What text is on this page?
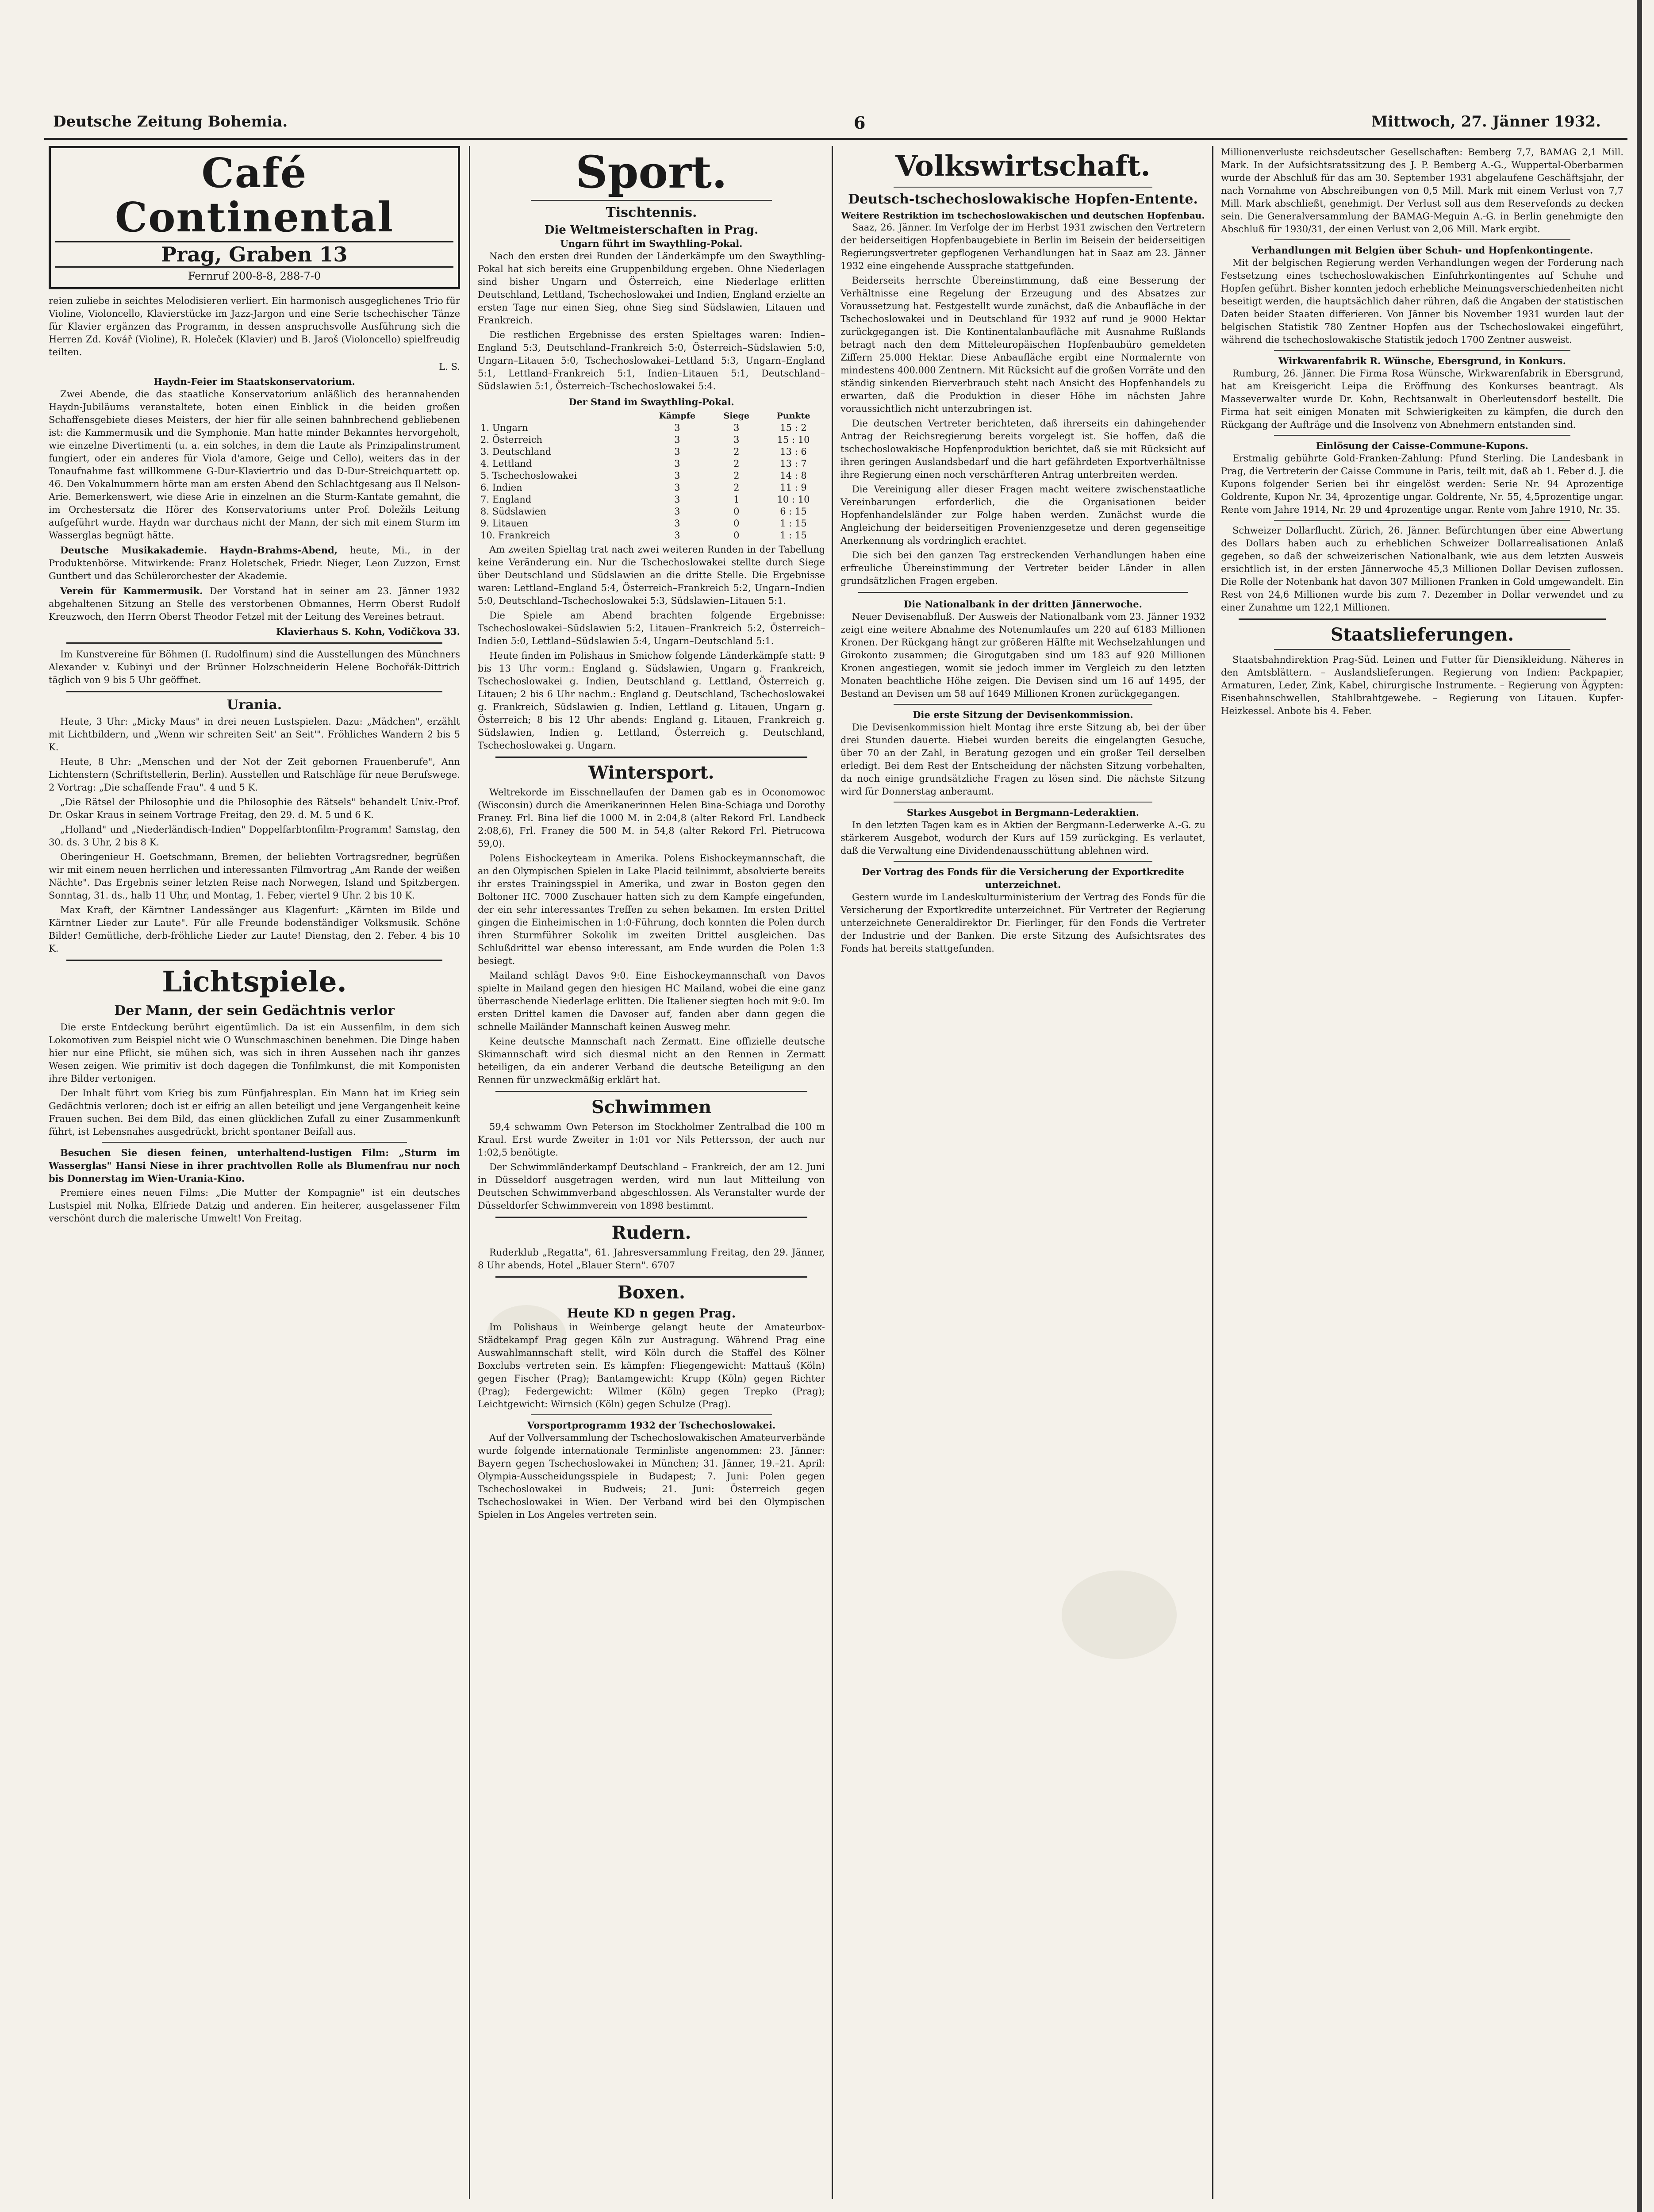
Deutsche Zeitung Bohemia.	6	Mittwoch, 27. Jänner 1932.
Café Continental
Prag, Graben 13
Fernruf 200-8-8, 288-7-0

reien zuliebe in seichtes Melodisieren verliert. Ein harmonisch ausgeglichenes Trio für Violine, Violoncello, Klavierstücke im Jazz-Jargon und eine Serie tschechischer Tänze für Klavier ergänzen das Programm, in dessen anspruchsvolle Ausführung sich die Herren Zd. Kovář (Violine), R. Holeček (Klavier) und B. Jaroš (Violoncello) spielfreudig teilten.

L. S.

Haydn-Feier im Staatskonservatorium.

Zwei Abende, die das staatliche Konservatorium anläßlich des herannahenden Haydn-Jubiläums veranstaltete, boten einen Einblick in die beiden großen Schaffensgebiete dieses Meisters, der hier für alle seinen bahnbrechend gebliebenen ist: die Kammermusik und die Symphonie. Man hatte minder Bekanntes hervorgeholt, wie einzelne Divertimenti (u. a. ein solches, in dem die Laute als Prinzipalinstrument fungiert, oder ein anderes für Viola d'amore, Geige und Cello), weiters das in der Tonaufnahme fast willkommene G-Dur-Klaviertrio und das D-Dur-Streichquartett op. 46. Den Vokalnummern hörte man am ersten Abend den Schlachtgesang aus Il Nelson-Arie. Bemerkenswert, wie diese Arie in einzelnen an die Sturm-Kantate gemahnt, die im Orchestersatz die Hörer des Konservatoriums unter Prof. Doležils Leitung aufgeführt wurde. Haydn war durchaus nicht der Mann, der sich mit einem Sturm im Wasserglas begnügt hätte.

Deutsche Musikakademie. Haydn-Brahms-Abend, heute, Mi., in der Produktenbörse. Mitwirkende: Franz Holetschek, Friedr. Nieger, Leon Zuzzon, Ernst Guntbert und das Schülerorchester der Akademie.

Verein für Kammermusik. Der Vorstand hat in seiner am 23. Jänner 1932 abgehaltenen Sitzung an Stelle des verstorbenen Obmannes, Herrn Oberst Rudolf Kreuzwoch, den Herrn Oberst Theodor Fetzel mit der Leitung des Vereines betraut.

Klavierhaus S. Kohn, Vodičkova 33.

Im Kunstvereine für Böhmen (I. Rudolfinum) sind die Ausstellungen des Münchners Alexander v. Kubinyi und der Brünner Holzschneiderin Helene Bochořák-Dittrich täglich von 9 bis 5 Uhr geöffnet.

Urania.

Heute, 3 Uhr: „Micky Maus" in drei neuen Lustspielen. Dazu: „Mädchen", erzählt mit Lichtbildern, und „Wenn wir schreiten Seit' an Seit'". Fröhliches Wandern 2 bis 5 K.

Heute, 8 Uhr: „Menschen und der Not der Zeit gebornen Frauenberufe", Ann Lichtenstern (Schriftstellerin, Berlin). Ausstellen und Ratschläge für neue Berufswege. 2 Vortrag: „Die schaffende Frau". 4 und 5 K.

„Die Rätsel der Philosophie und die Philosophie des Rätsels" behandelt Univ.-Prof. Dr. Oskar Kraus in seinem Vortrage Freitag, den 29. d. M. 5 und 6 K.

„Holland" und „Niederländisch-Indien" Doppelfarbtonfilm-Programm! Samstag, den 30. ds. 3 Uhr, 2 bis 8 K.

Oberingenieur H. Goetschmann, Bremen, der beliebten Vortragsredner, begrüßen wir mit einem neuen herrlichen und interessanten Filmvortrag „Am Rande der weißen Nächte". Das Ergebnis seiner letzten Reise nach Norwegen, Island und Spitzbergen. Sonntag, 31. ds., halb 11 Uhr, und Montag, 1. Feber, viertel 9 Uhr. 2 bis 10 K.

Max Kraft, der Kärntner Landessänger aus Klagenfurt: „Kärnten im Bilde und Kärntner Lieder zur Laute". Für alle Freunde bodenständiger Volksmusik. Schöne Bilder! Gemütliche, derb-fröhliche Lieder zur Laute! Dienstag, den 2. Feber. 4 bis 10 K.

Lichtspiele.
Der Mann, der sein Gedächtnis verlor

Die erste Entdeckung berührt eigentümlich. Da ist ein Aussenfilm, in dem sich Lokomotiven zum Beispiel nicht wie O Wunschmaschinen benehmen. Die Dinge haben hier nur eine Pflicht, sie mühen sich, was sich in ihren Aussehen nach ihr ganzes Wesen zeigen. Wie primitiv ist doch dagegen die Tonfilmkunst, die mit Komponisten ihre Bilder vertonigen.

Der Inhalt führt vom Krieg bis zum Fünfjahresplan. Ein Mann hat im Krieg sein Gedächtnis verloren; doch ist er eifrig an allen beteiligt und jene Vergangenheit keine Frauen suchen. Bei dem Bild, das einen glücklichen Zufall zu einer Zusammenkunft führt, ist Lebensnahes ausgedrückt, bricht spontaner Beifall aus.

Besuchen Sie diesen feinen, unterhaltend-lustigen Film: „Sturm im Wasserglas" Hansi Niese in ihrer prachtvollen Rolle als Blumenfrau nur noch bis Donnerstag im Wien-Urania-Kino.

Premiere eines neuen Films: „Die Mutter der Kompagnie" ist ein deutsches Lustspiel mit Nolka, Elfriede Datzig und anderen. Ein heiterer, ausgelassener Film verschönt durch die malerische Umwelt! Von Freitag.

Sport.
Tischtennis.
Die Weltmeisterschaften in Prag.
Ungarn führt im Swaythling-Pokal.

Nach den ersten drei Runden der Länderkämpfe um den Swaythling-Pokal hat sich bereits eine Gruppenbildung ergeben. Ohne Niederlagen sind bisher Ungarn und Österreich, eine Niederlage erlitten Deutschland, Lettland, Tschechoslowakei und Indien, England erzielte an ersten Tage nur einen Sieg, ohne Sieg sind Südslawien, Litauen und Frankreich.

Die restlichen Ergebnisse des ersten Spieltages waren: Indien–England 5:3, Deutschland–Frankreich 5:0, Österreich–Südslawien 5:0, Ungarn–Litauen 5:0, Tschechoslowakei–Lettland 5:3, Ungarn–England 5:1, Lettland–Frankreich 5:1, Indien–Litauen 5:1, Deutschland–Südslawien 5:1, Österreich–Tschechoslowakei 5:4.

Der Stand im Swaythling-Pokal.
	Kämpfe	Siege	Punkte
1. Ungarn	3	3	15 : 2
2. Österreich	3	3	15 : 10
3. Deutschland	3	2	13 : 6
4. Lettland	3	2	13 : 7
5. Tschechoslowakei	3	2	14 : 8
6. Indien	3	2	11 : 9
7. England	3	1	10 : 10
8. Südslawien	3	0	6 : 15
9. Litauen	3	0	1 : 15
10. Frankreich	3	0	1 : 15

Am zweiten Spieltag trat nach zwei weiteren Runden in der Tabellung keine Veränderung ein. Nur die Tschechoslowakei stellte durch Siege über Deutschland und Südslawien an die dritte Stelle. Die Ergebnisse waren: Lettland–England 5:4, Österreich–Frankreich 5:2, Ungarn–Indien 5:0, Deutschland–Tschechoslowakei 5:3, Südslawien–Litauen 5:1.

Die Spiele am Abend brachten folgende Ergebnisse: Tschechoslowakei–Südslawien 5:2, Litauen–Frankreich 5:2, Österreich–Indien 5:0, Lettland–Südslawien 5:4, Ungarn–Deutschland 5:1.

Heute finden im Polishaus in Smichow folgende Länderkämpfe statt: 9 bis 13 Uhr vorm.: England g. Südslawien, Ungarn g. Frankreich, Tschechoslowakei g. Indien, Deutschland g. Lettland, Österreich g. Litauen; 2 bis 6 Uhr nachm.: England g. Deutschland, Tschechoslowakei g. Frankreich, Südslawien g. Indien, Lettland g. Litauen, Ungarn g. Österreich; 8 bis 12 Uhr abends: England g. Litauen, Frankreich g. Südslawien, Indien g. Lettland, Österreich g. Deutschland, Tschechoslowakei g. Ungarn.

Wintersport.

Weltrekorde im Eisschnellaufen der Damen gab es in Oconomowoc (Wisconsin) durch die Amerikanerinnen Helen Bina-Schiaga und Dorothy Franey. Frl. Bina lief die 1000 M. in 2:04,8 (alter Rekord Frl. Landbeck 2:08,6), Frl. Franey die 500 M. in 54,8 (alter Rekord Frl. Pietrucowa 59,0).

Polens Eishockeyteam in Amerika. Polens Eishockeymannschaft, die an den Olympischen Spielen in Lake Placid teilnimmt, absolvierte bereits ihr erstes Trainingsspiel in Amerika, und zwar in Boston gegen den Boltoner HC. 7000 Zuschauer hatten sich zu dem Kampfe eingefunden, der ein sehr interessantes Treffen zu sehen bekamen. Im ersten Drittel gingen die Einheimischen in 1:0-Führung, doch konnten die Polen durch ihren Sturmführer Sokolik im zweiten Drittel ausgleichen. Das Schlußdrittel war ebenso interessant, am Ende wurden die Polen 1:3 besiegt.

Mailand schlägt Davos 9:0. Eine Eishockeymannschaft von Davos spielte in Mailand gegen den hiesigen HC Mailand, wobei die eine ganz überraschende Niederlage erlitten. Die Italiener siegten hoch mit 9:0. Im ersten Drittel kamen die Davoser auf, fanden aber dann gegen die schnelle Mailänder Mannschaft keinen Ausweg mehr.

Keine deutsche Mannschaft nach Zermatt. Eine offizielle deutsche Skimannschaft wird sich diesmal nicht an den Rennen in Zermatt beteiligen, da ein anderer Verband die deutsche Beteiligung an den Rennen für unzweckmäßig erklärt hat.

Schwimmen

59,4 schwamm Own Peterson im Stockholmer Zentralbad die 100 m Kraul. Erst wurde Zweiter in 1:01 vor Nils Pettersson, der auch nur 1:02,5 benötigte.

Der Schwimmländerkampf Deutschland – Frankreich, der am 12. Juni in Düsseldorf ausgetragen werden, wird nun laut Mitteilung von Deutschen Schwimmverband abgeschlossen. Als Veranstalter wurde der Düsseldorfer Schwimmverein von 1898 bestimmt.

Rudern.

Ruderklub „Regatta", 61. Jahresversammlung Freitag, den 29. Jänner, 8 Uhr abends, Hotel „Blauer Stern". 6707

Boxen.
Heute KD n gegen Prag.

Im Polishaus in Weinberge gelangt heute der Amateurbox-Städtekampf Prag gegen Köln zur Austragung. Während Prag eine Auswahlmannschaft stellt, wird Köln durch die Staffel des Kölner Boxclubs vertreten sein. Es kämpfen: Fliegengewicht: Mattauš (Köln) gegen Fischer (Prag); Bantamgewicht: Krupp (Köln) gegen Richter (Prag); Federgewicht: Wilmer (Köln) gegen Trepko (Prag); Leichtgewicht: Wirnsich (Köln) gegen Schulze (Prag).

Vorsportprogramm 1932 der Tschechoslowakei.

Auf der Vollversammlung der Tschechoslowakischen Amateurverbände wurde folgende internationale Terminliste angenommen: 23. Jänner: Bayern gegen Tschechoslowakei in München; 31. Jänner, 19.–21. April: Olympia-Ausscheidungsspiele in Budapest; 7. Juni: Polen gegen Tschechoslowakei in Budweis; 21. Juni: Österreich gegen Tschechoslowakei in Wien. Der Verband wird bei den Olympischen Spielen in Los Angeles vertreten sein.

Volkswirtschaft.
Deutsch-tschechoslowakische Hopfen-Entente.
Weitere Restriktion im tschechoslowakischen und deutschen Hopfenbau.

Saaz, 26. Jänner. Im Verfolge der im Herbst 1931 zwischen den Vertretern der beiderseitigen Hopfenbaugebiete in Berlin im Beisein der beiderseitigen Regierungsvertreter gepflogenen Verhandlungen hat in Saaz am 23. Jänner 1932 eine eingehende Aussprache stattgefunden.

Beiderseits herrschte Übereinstimmung, daß eine Besserung der Verhältnisse eine Regelung der Erzeugung und des Absatzes zur Voraussetzung hat. Festgestellt wurde zunächst, daß die Anbaufläche in der Tschechoslowakei und in Deutschland für 1932 auf rund je 9000 Hektar zurückgegangen ist. Die Kontinentalanbaufläche mit Ausnahme Rußlands betragt nach den dem Mitteleuropäischen Hopfenbaubüro gemeldeten Ziffern 25.000 Hektar. Diese Anbaufläche ergibt eine Normalernte von mindestens 400.000 Zentnern. Mit Rücksicht auf die großen Vorräte und den ständig sinkenden Bierverbrauch steht nach Ansicht des Hopfenhandels zu erwarten, daß die Produktion in dieser Höhe im nächsten Jahre voraussichtlich nicht unterzubringen ist.

Die deutschen Vertreter berichteten, daß ihrerseits ein dahingehender Antrag der Reichsregierung bereits vorgelegt ist. Sie hoffen, daß die tschechoslowakische Hopfenproduktion berichtet, daß sie mit Rücksicht auf ihren geringen Auslandsbedarf und die hart gefährdeten Exportverhältnisse ihre Regierung einen noch verschärfteren Antrag unterbreiten werden.

Die Vereinigung aller dieser Fragen macht weitere zwischenstaatliche Vereinbarungen erforderlich, die die Organisationen beider Hopfenhandelsländer zur Folge haben werden. Zunächst wurde die Angleichung der beiderseitigen Provenienzgesetze und deren gegenseitige Anerkennung als vordringlich erachtet.

Die sich bei den ganzen Tag erstreckenden Verhandlungen haben eine erfreuliche Übereinstimmung der Vertreter beider Länder in allen grundsätzlichen Fragen ergeben.

Die Nationalbank in der dritten Jännerwoche.

Neuer Devisenabfluß. Der Ausweis der Nationalbank vom 23. Jänner 1932 zeigt eine weitere Abnahme des Notenumlaufes um 220 auf 6183 Millionen Kronen. Der Rückgang hängt zur größeren Hälfte mit Wechselzahlungen und Girokonto zusammen; die Girogutgaben sind um 183 auf 920 Millionen Kronen angestiegen, womit sie jedoch immer im Vergleich zu den letzten Monaten beachtliche Höhe zeigen. Die Devisen sind um 16 auf 1495, der Bestand an Devisen um 58 auf 1649 Millionen Kronen zurückgegangen.

Die erste Sitzung der Devisenkommission.

Die Devisenkommission hielt Montag ihre erste Sitzung ab, bei der über drei Stunden dauerte. Hiebei wurden bereits die eingelangten Gesuche, über 70 an der Zahl, in Beratung gezogen und ein großer Teil derselben erledigt. Bei dem Rest der Entscheidung der nächsten Sitzung vorbehalten, da noch einige grundsätzliche Fragen zu lösen sind. Die nächste Sitzung wird für Donnerstag anberaumt.

Starkes Ausgebot in Bergmann-Lederaktien.

In den letzten Tagen kam es in Aktien der Bergmann-Lederwerke A.-G. zu stärkerem Ausgebot, wodurch der Kurs auf 159 zurückging. Es verlautet, daß die Verwaltung eine Dividendenausschüttung ablehnen wird.

Der Vortrag des Fonds für die Versicherung der Exportkredite unterzeichnet.

Gestern wurde im Landeskulturministerium der Vertrag des Fonds für die Versicherung der Exportkredite unterzeichnet. Für Vertreter der Regierung unterzeichnete Generaldirektor Dr. Fierlinger, für den Fonds die Vertreter der Industrie und der Banken. Die erste Sitzung des Aufsichtsrates des Fonds hat bereits stattgefunden.

Millionenverluste reichsdeutscher Gesellschaften: Bemberg 7,7, BAMAG 2,1 Mill. Mark. In der Aufsichtsratssitzung des J. P. Bemberg A.-G., Wuppertal-Oberbarmen wurde der Abschluß für das am 30. September 1931 abgelaufene Geschäftsjahr, der nach Vornahme von Abschreibungen von 0,5 Mill. Mark mit einem Verlust von 7,7 Mill. Mark abschließt, genehmigt. Der Verlust soll aus dem Reservefonds zu decken sein. Die Generalversammlung der BAMAG-Meguin A.-G. in Berlin genehmigte den Abschluß für 1930/31, der einen Verlust von 2,06 Mill. Mark ergibt.

Verhandlungen mit Belgien über Schuh- und Hopfenkontingente.

Mit der belgischen Regierung werden Verhandlungen wegen der Forderung nach Festsetzung eines tschechoslowakischen Einfuhrkontingentes auf Schuhe und Hopfen geführt. Bisher konnten jedoch erhebliche Meinungsverschiedenheiten nicht beseitigt werden, die hauptsächlich daher rühren, daß die Angaben der statistischen Daten beider Staaten differieren. Von Jänner bis November 1931 wurden laut der belgischen Statistik 780 Zentner Hopfen aus der Tschechoslowakei eingeführt, während die tschechoslowakische Statistik jedoch 1700 Zentner ausweist.

Wirkwarenfabrik R. Wünsche, Ebersgrund, in Konkurs.

Rumburg, 26. Jänner. Die Firma Rosa Wünsche, Wirkwarenfabrik in Ebersgrund, hat am Kreisgericht Leipa die Eröffnung des Konkurses beantragt. Als Masseverwalter wurde Dr. Kohn, Rechtsanwalt in Oberleutensdorf bestellt. Die Firma hat seit einigen Monaten mit Schwierigkeiten zu kämpfen, die durch den Rückgang der Aufträge und die Insolvenz von Abnehmern entstanden sind.

Einlösung der Caisse-Commune-Kupons.

Erstmalig gebührte Gold-Franken-Zahlung: Pfund Sterling. Die Landesbank in Prag, die Vertreterin der Caisse Commune in Paris, teilt mit, daß ab 1. Feber d. J. die Kupons folgender Serien bei ihr eingelöst werden: Serie Nr. 94 Aprozentige Goldrente, Kupon Nr. 34, 4prozentige ungar. Goldrente, Nr. 55, 4,5prozentige ungar. Rente vom Jahre 1914, Nr. 29 und 4prozentige ungar. Rente vom Jahre 1910, Nr. 35.

Schweizer Dollarflucht. Zürich, 26. Jänner. Befürchtungen über eine Abwertung des Dollars haben auch zu erheblichen Schweizer Dollarrealisationen Anlaß gegeben, so daß der schweizerischen Nationalbank, wie aus dem letzten Ausweis ersichtlich ist, in der ersten Jännerwoche 45,3 Millionen Dollar Devisen zuflossen. Die Rolle der Notenbank hat davon 307 Millionen Franken in Gold umgewandelt. Ein Rest von 24,6 Millionen wurde bis zum 7. Dezember in Dollar verwendet und zu einer Zunahme um 122,1 Millionen.

Staatslieferungen.

Staatsbahndirektion Prag-Süd. Leinen und Futter für Diensikleidung. Näheres in den Amtsblättern. – Auslandslieferungen. Regierung von Indien: Packpapier, Armaturen, Leder, Zink, Kabel, chirurgische Instrumente. – Regierung von Ägypten: Eisenbahnschwellen, Stahlbrahtgewebe. – Regierung von Litauen. Kupfer-Heizkessel. Anbote bis 4. Feber.
